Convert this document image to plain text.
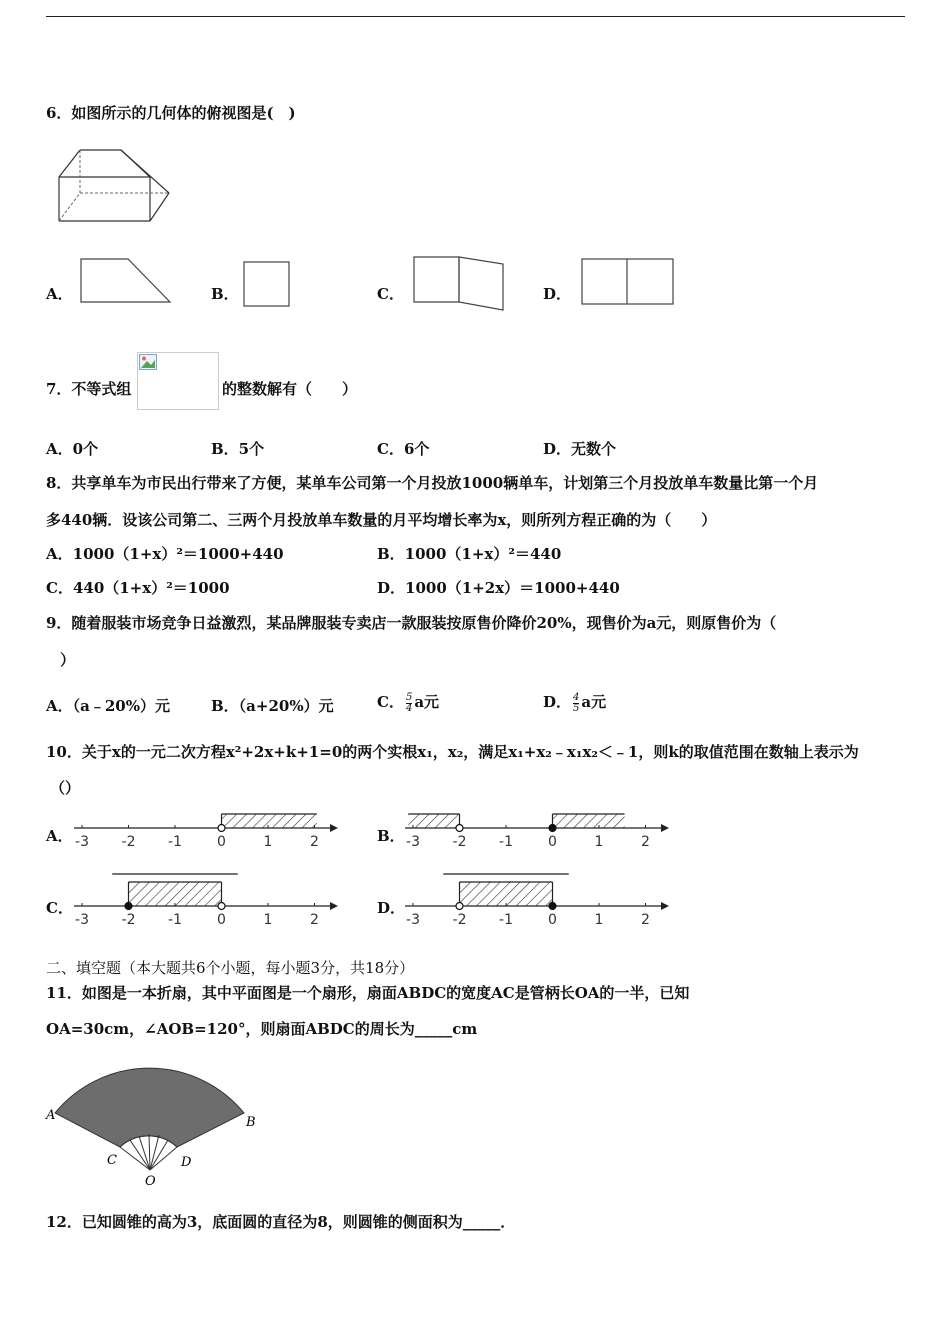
6．如图所示的几何体的俯视图是(　)
A．	B．	C．	D．
7．不等式组	的整数解有（　　）
A．0个	B．5个	C．6个	D．无数个
8．共享单车为市民出行带来了方便，某单车公司第一个月投放1000辆单车，计划第三个月投放单车数量比第一个月
多440辆．设该公司第二、三两个月投放单车数量的月平均增长率为x，则所列方程正确的为（　　）
A．1000（1+x）²＝1000+440	B．1000（1+x）²＝440
C．440（1+x）²＝1000	D．1000（1+2x）＝1000+440
9．随着服装市场竞争日益激烈，某品牌服装专卖店一款服装按原售价降价20%，现售价为a元，则原售价为（
）
A．（a﹣20%）元	B．（a+20%）元	C． $\frac{5}{4}$ a元	D． $\frac{4}{5}$ a元
10．关于x的一元二次方程x²+2x+k+1=0的两个实根x₁，x₂，满足x₁+x₂﹣x₁x₂＜﹣1，则k的取值范围在数轴上表示为
（）
A．	B．
C．	D．
-3 -2 -1	0	1	2	-3 -2 -1	0	1	2
-3 -2 -1	0	1	2	-3 -2 -1	0	1	2
二、填空题（本大题共6个小题，每小题3分，共18分）
11．如图是一本折扇，其中平面图是一个扇形，扇面ABDC的宽度AC是管柄长OA的一半，已知
OA=30cm，∠AOB=120°，则扇面ABDC的周长为_____cm
A	B
C	D
O
12．已知圆锥的高为3，底面圆的直径为8，则圆锥的侧面积为_____．
